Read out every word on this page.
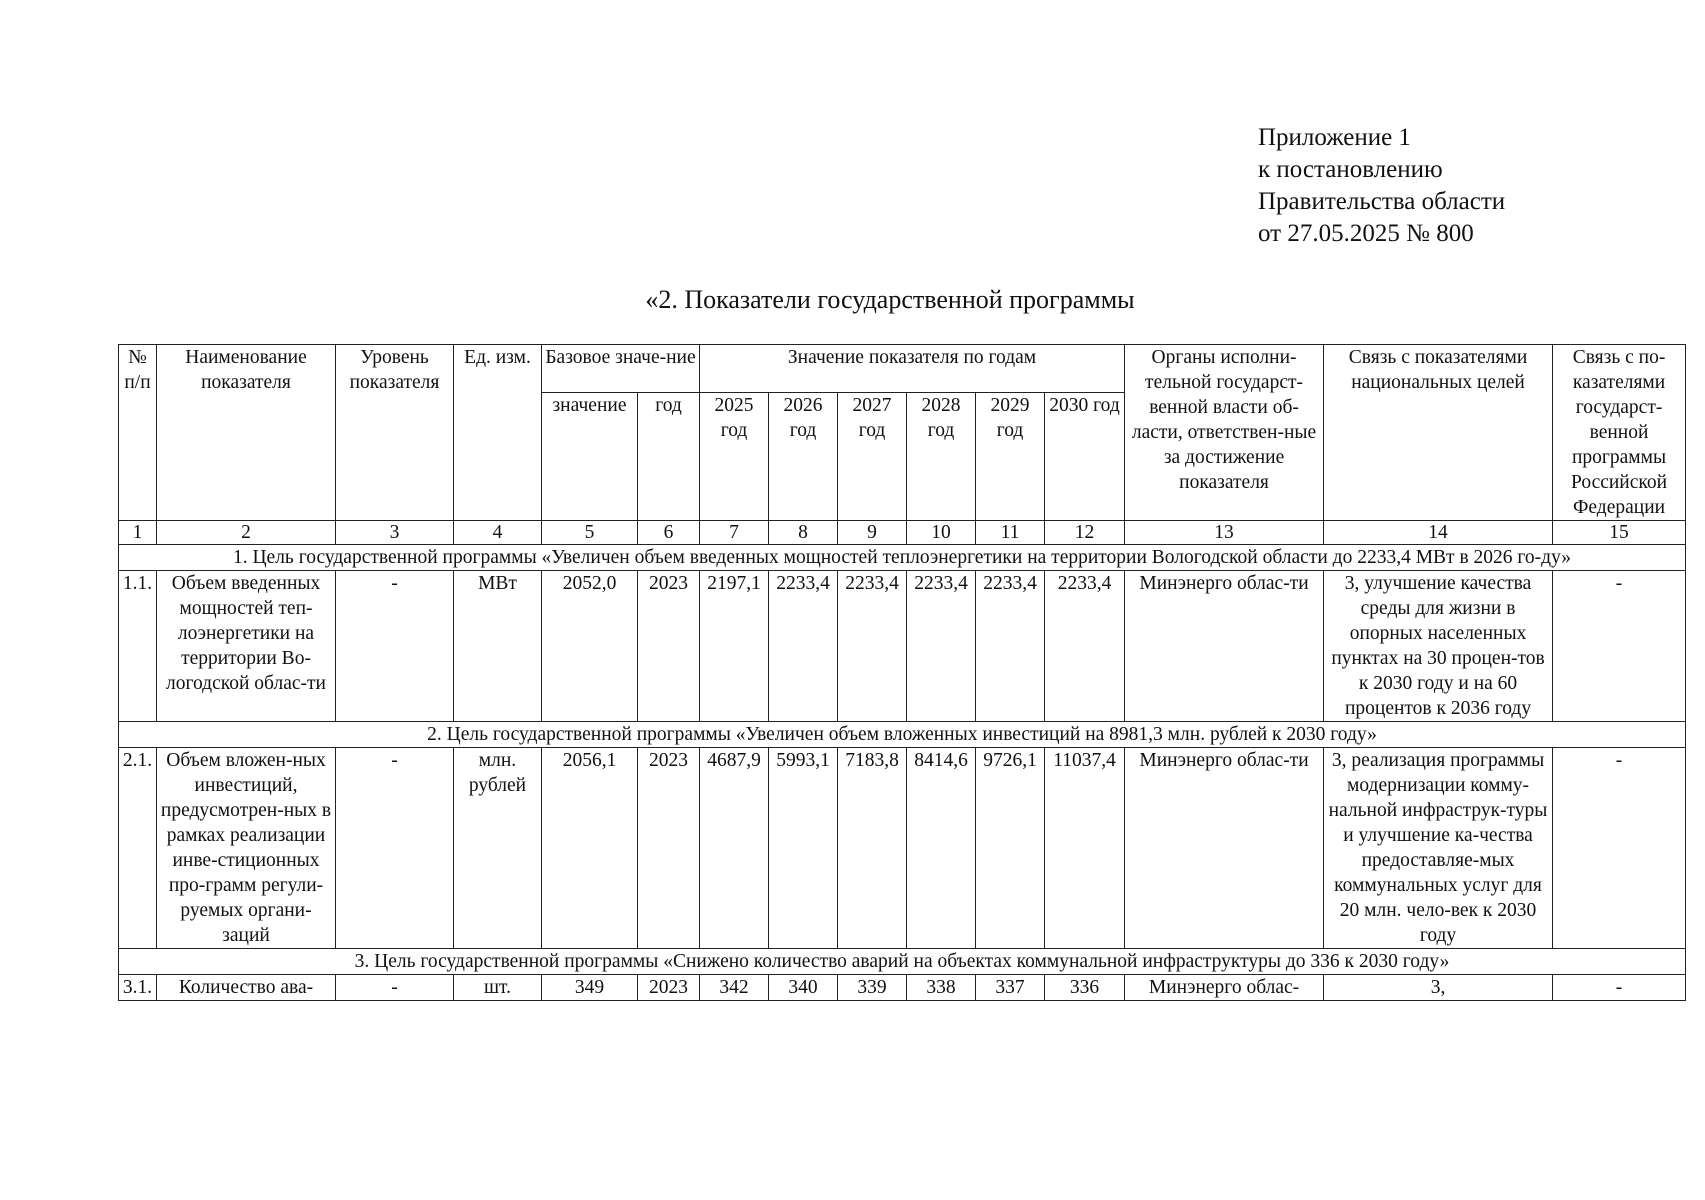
Приложение 1
к постановлению
Правительства области
от 27.05.2025 № 800
«2. Показатели государственной программы
№ п/п	Наименование показателя	Уровень показателя	Ед. изм.	Базовое значе-ние		Значение показателя по годам						Органы исполни-тельной государст-венной власти об-ласти, ответствен-ные за достижение показателя	Связь с показателями национальных целей	Связь с по-казателями государст-венной программы Российской Федерации
				значение	год	2025 год	2026 год	2027 год	2028 год	2029 год	2030 год			
1	2	3	4	5	6	7	8	9	10	11	12	13	14	15
1. Цель государственной программы «Увеличен объем введенных мощностей теплоэнергетики на территории Вологодской области до 2233,4 МВт в 2026 го-ду»														
1.1.	Объем введенных мощностей теп-лоэнергетики на территории Во-логодской облас-ти	-	МВт	2052,0	2023	2197,1	2233,4	2233,4	2233,4	2233,4	2233,4	Минэнерго облас-ти	3, улучшение качества среды для жизни в опорных населенных пунктах на 30 процен-тов к 2030 году и на 60 процентов к 2036 году	-
2. Цель государственной программы «Увеличен объем вложенных инвестиций на 8981,3 млн. рублей к 2030 году»														
2.1.	Объем вложен-ных инвестиций, предусмотрен-ных в рамках реализации инве-стиционных про-грамм регули-руемых органи-заций	-	млн. рублей	2056,1	2023	4687,9	5993,1	7183,8	8414,6	9726,1	11037,4	Минэнерго облас-ти	3, реализация программы модернизации комму-нальной инфраструк-туры и улучшение ка-чества предоставляе-мых коммунальных услуг для 20 млн. чело-век к 2030 году	-
3. Цель государственной программы «Снижено количество аварий на объектах коммунальной инфраструктуры до 336 к 2030 году»														
3.1.	Количество ава-	-	шт.	349	2023	342	340	339	338	337	336	Минэнерго облас-	3,	-
